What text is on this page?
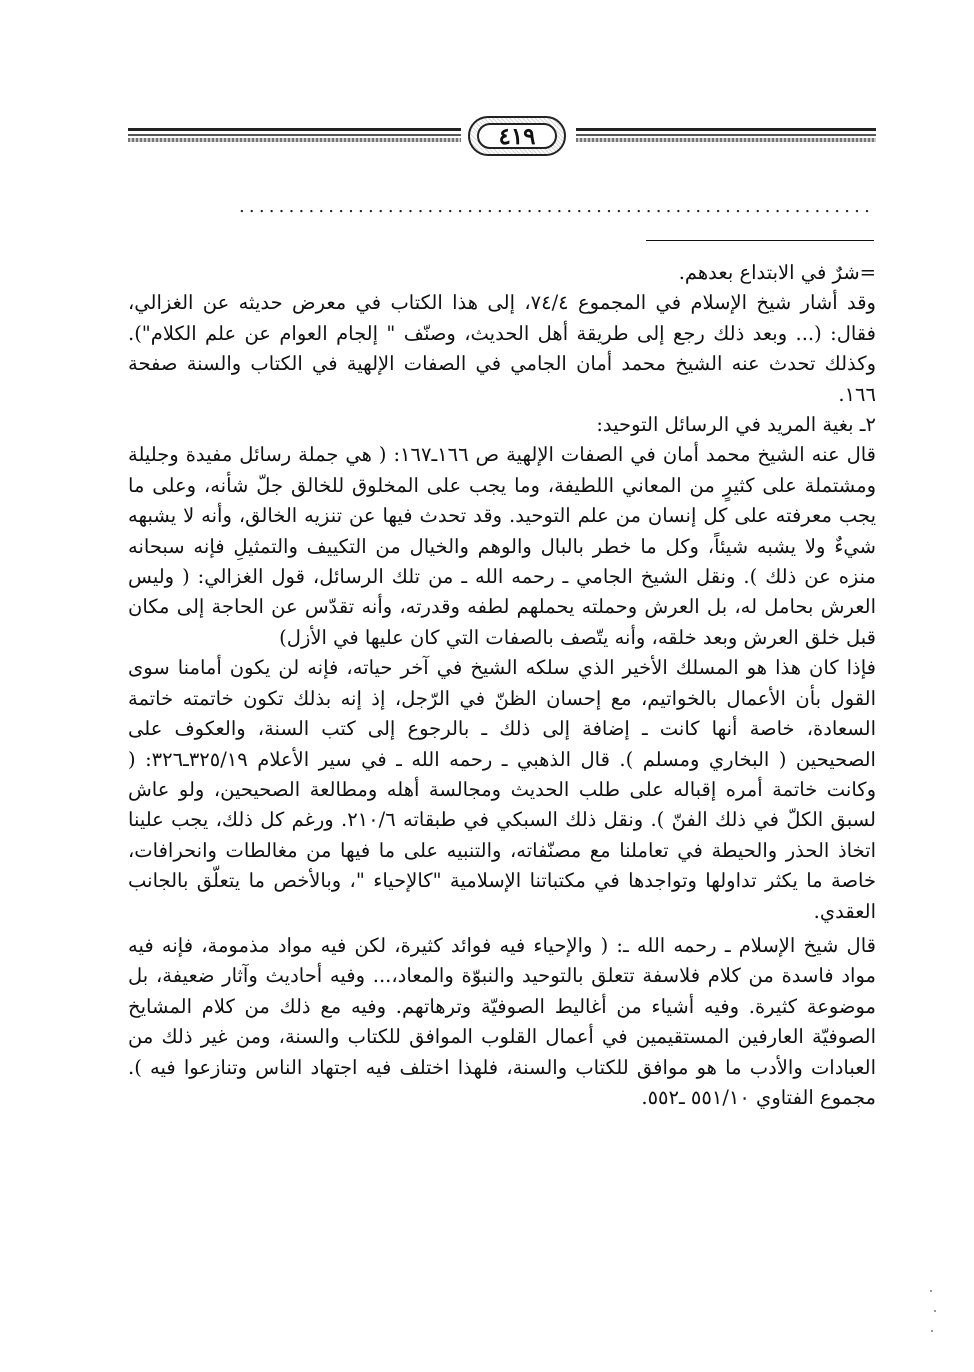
٤١٩
................................................................

=شرٌ في الابتداع بعدهم.

وقد أشار شيخ الإسلام في المجموع ٧٤/٤، إلى هذا الكتاب في معرض حديثه عن الغزالي، فقال: (... وبعد ذلك رجع إلى طريقة أهل الحديث، وصنّف " إلجام العوام عن علم الكلام"). وكذلك تحدث عنه الشيخ محمد أمان الجامي في الصفات الإلهية في الكتاب والسنة صفحة ١٦٦.

٢ـ بغية المريد في الرسائل التوحيد:

قال عنه الشيخ محمد أمان في الصفات الإلهية ص ١٦٦ـ١٦٧: ( هي جملة رسائل مفيدة وجليلة ومشتملة على كثيرٍ من المعاني اللطيفة، وما يجب على المخلوق للخالق جلّ شأنه، وعلى ما يجب معرفته على كل إنسان من علم التوحيد. وقد تحدث فيها عن تنزيه الخالق، وأنه لا يشبهه شيءٌ ولا يشبه شيئاً، وكل ما خطر بالبال والوهم والخيال من التكييف والتمثيلِ فإنه سبحانه منزه عن ذلك ). ونقل الشيخ الجامي ـ رحمه الله ـ من تلك الرسائل، قول الغزالي: ( وليس العرش بحامل له، بل العرش وحملته يحملهم لطفه وقدرته، وأنه تقدّس عن الحاجة إلى مكان قبل خلق العرش وبعد خلقه، وأنه يتّصف بالصفات التي كان عليها في الأزل)

فإذا كان هذا هو المسلك الأخير الذي سلكه الشيخ في آخر حياته، فإنه لن يكون أمامنا سوى القول بأن الأعمال بالخواتيم، مع إحسان الظنّ في الرّجل، إذ إنه بذلك تكون خاتمته خاتمة السعادة، خاصة أنها كانت ـ إضافة إلى ذلك ـ بالرجوع إلى كتب السنة، والعكوف على الصحيحين ( البخاري ومسلم ). قال الذهبي ـ رحمه الله ـ في سير الأعلام ٣٢٥/١٩ـ٣٢٦: ( وكانت خاتمة أمره إقباله على طلب الحديث ومجالسة أهله ومطالعة الصحيحين، ولو عاش لسبق الكلّ في ذلك الفنّ ). ونقل ذلك السبكي في طبقاته ٢١٠/٦. ورغم كل ذلك، يجب علينا اتخاذ الحذر والحيطة في تعاملنا مع مصنّفاته، والتنبيه على ما فيها من مغالطات وانحرافات، خاصة ما يكثر تداولها وتواجدها في مكتباتنا الإسلامية "كالإحياء "، وبالأخص ما يتعلّق بالجانب العقدي.

قال شيخ الإسلام ـ رحمه الله ـ: ( والإحياء فيه فوائد كثيرة، لكن فيه مواد مذمومة، فإنه فيه مواد فاسدة من كلام فلاسفة تتعلق بالتوحيد والنبوّة والمعاد،... وفيه أحاديث وآثار ضعيفة، بل موضوعة كثيرة. وفيه أشياء من أغاليط الصوفيّة وترهاتهم. وفيه مع ذلك من كلام المشايخ الصوفيّة العارفين المستقيمين في أعمال القلوب الموافق للكتاب والسنة، ومن غير ذلك من العبادات والأدب ما هو موافق للكتاب والسنة، فلهذا اختلف فيه اجتهاد الناس وتنازعوا فيه ). مجموع الفتاوي ٥٥١/١٠ ـ٥٥٢.
